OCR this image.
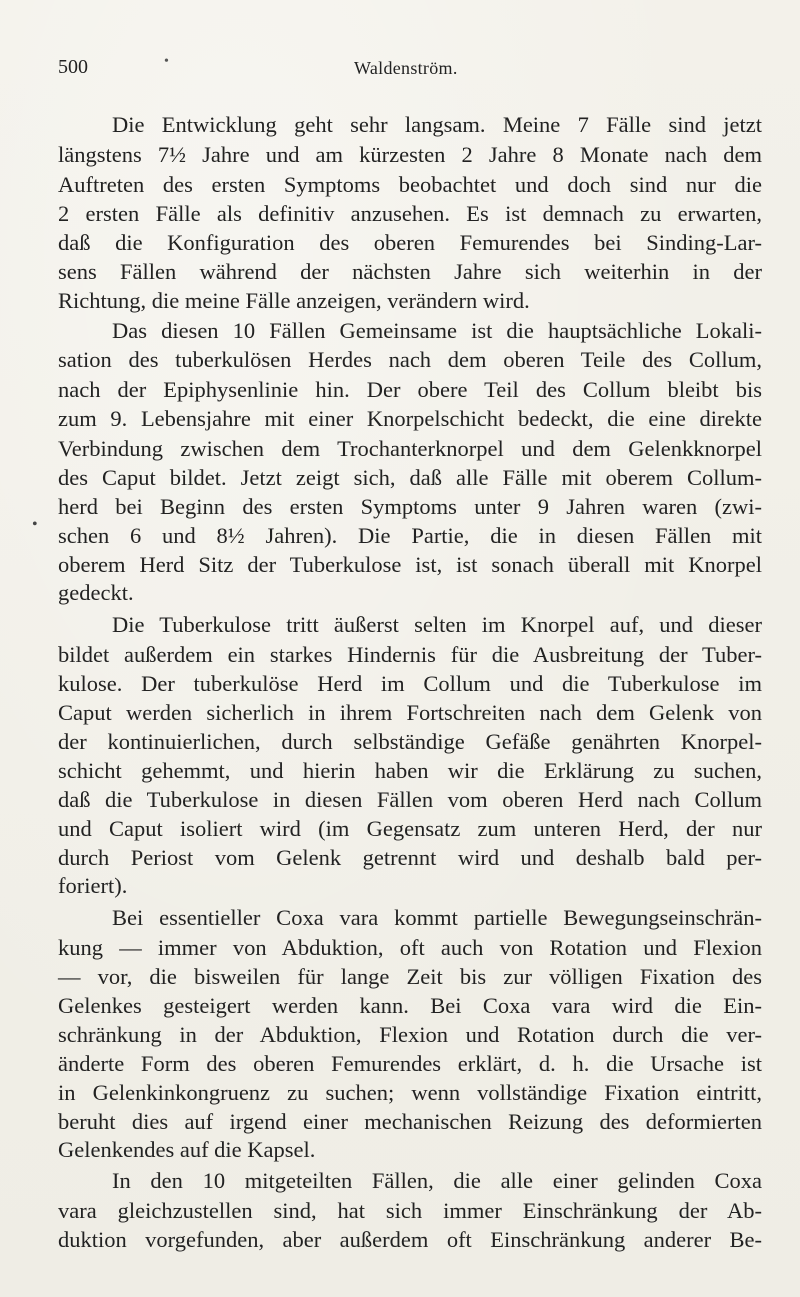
500	•	Waldenström.
•
Die Entwicklung geht sehr langsam. Meine 7 Fälle sind jetzt
längstens 7½ Jahre und am kürzesten 2 Jahre 8 Monate nach dem
Auftreten des ersten Symptoms beobachtet und doch sind nur die
2 ersten Fälle als definitiv anzusehen. Es ist demnach zu erwarten,
daß die Konfiguration des oberen Femurendes bei Sinding-Lar-
sens Fällen während der nächsten Jahre sich weiterhin in der
Richtung, die meine Fälle anzeigen, verändern wird.
Das diesen 10 Fällen Gemeinsame ist die hauptsächliche Lokali-
sation des tuberkulösen Herdes nach dem oberen Teile des Collum,
nach der Epiphysenlinie hin. Der obere Teil des Collum bleibt bis
zum 9. Lebensjahre mit einer Knorpelschicht bedeckt, die eine direkte
Verbindung zwischen dem Trochanterknorpel und dem Gelenkknorpel
des Caput bildet. Jetzt zeigt sich, daß alle Fälle mit oberem Collum-
herd bei Beginn des ersten Symptoms unter 9 Jahren waren (zwi-
schen 6 und 8½ Jahren). Die Partie, die in diesen Fällen mit
oberem Herd Sitz der Tuberkulose ist, ist sonach überall mit Knorpel
gedeckt.
Die Tuberkulose tritt äußerst selten im Knorpel auf, und dieser
bildet außerdem ein starkes Hindernis für die Ausbreitung der Tuber-
kulose. Der tuberkulöse Herd im Collum und die Tuberkulose im
Caput werden sicherlich in ihrem Fortschreiten nach dem Gelenk von
der kontinuierlichen, durch selbständige Gefäße genährten Knorpel-
schicht gehemmt, und hierin haben wir die Erklärung zu suchen,
daß die Tuberkulose in diesen Fällen vom oberen Herd nach Collum
und Caput isoliert wird (im Gegensatz zum unteren Herd, der nur
durch Periost vom Gelenk getrennt wird und deshalb bald per-
foriert).
Bei essentieller Coxa vara kommt partielle Bewegungseinschrän-
kung — immer von Abduktion, oft auch von Rotation und Flexion
— vor, die bisweilen für lange Zeit bis zur völligen Fixation des
Gelenkes gesteigert werden kann. Bei Coxa vara wird die Ein-
schränkung in der Abduktion, Flexion und Rotation durch die ver-
änderte Form des oberen Femurendes erklärt, d. h. die Ursache ist
in Gelenkinkongruenz zu suchen; wenn vollständige Fixation eintritt,
beruht dies auf irgend einer mechanischen Reizung des deformierten
Gelenkendes auf die Kapsel.
In den 10 mitgeteilten Fällen, die alle einer gelinden Coxa
vara gleichzustellen sind, hat sich immer Einschränkung der Ab-
duktion vorgefunden, aber außerdem oft Einschränkung anderer Be-
